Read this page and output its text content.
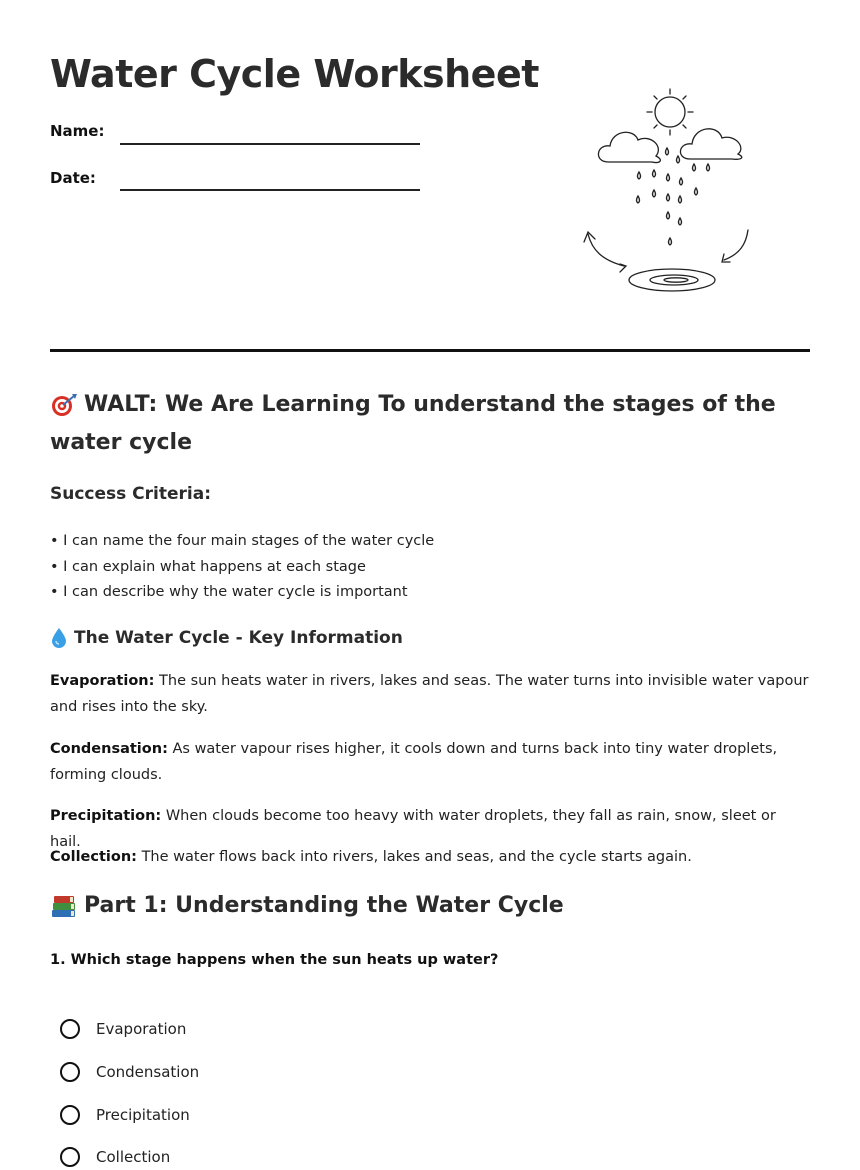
Water Cycle Worksheet
Name:
Date:
WALT: We Are Learning To understand the stages of the water cycle
Success Criteria:
• I can name the four main stages of the water cycle
• I can explain what happens at each stage
• I can describe why the water cycle is important
The Water Cycle - Key Information

Evaporation: The sun heats water in rivers, lakes and seas. The water turns into invisible water vapour and rises into the sky.

Condensation: As water vapour rises higher, it cools down and turns back into tiny water droplets, forming clouds.

Precipitation: When clouds become too heavy with water droplets, they fall as rain, snow, sleet or hail.

Collection: The water flows back into rivers, lakes and seas, and the cycle starts again.

Part 1: Understanding the Water Cycle

1. Which stage happens when the sun heats up water?

Evaporation
Condensation
Precipitation
Collection
